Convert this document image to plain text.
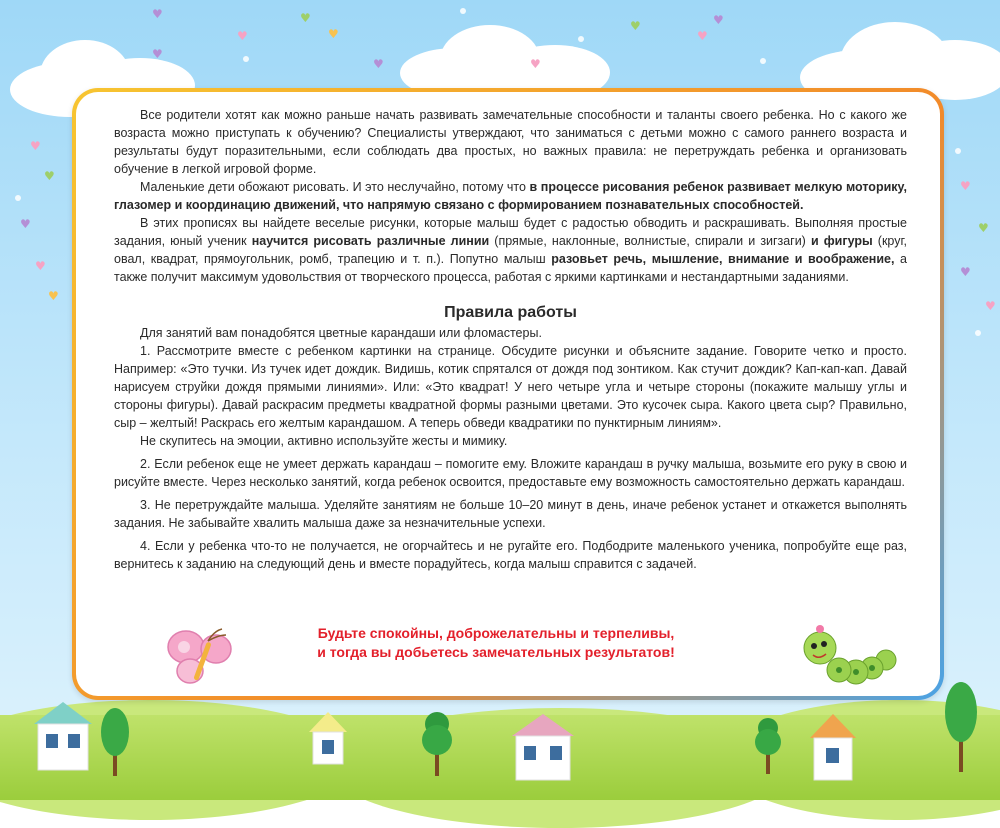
♥
♥
♥
♥
♥
♥
♥
♥
♥
♥
♥
♥
♥
♥
♥
♥
♥
♥
♥

Все родители хотят как можно раньше начать развивать замечательные способности и таланты своего ребенка. Но с какого же возраста можно приступать к обучению? Специалисты утверждают, что заниматься с детьми можно с самого раннего возраста и результаты будут поразительными, если соблюдать два простых, но важных правила: не перетруждать ребенка и организовать обучение в легкой игровой форме.

Маленькие дети обожают рисовать. И это неслучайно, потому что в процессе рисования ребенок развивает мелкую моторику, глазомер и координацию движений, что напрямую связано с формированием познавательных способностей.

В этих прописях вы найдете веселые рисунки, которые малыш будет с радостью обводить и раскрашивать. Выполняя простые задания, юный ученик научится рисовать различные линии (прямые, наклонные, волнистые, спирали и зигзаги) и фигуры (круг, овал, квадрат, прямоугольник, ромб, трапецию и т. п.). Попутно малыш разовьет речь, мышление, внимание и воображение, а также получит максимум удовольствия от творческого процесса, работая с яркими картинками и нестандартными заданиями.

Правила работы

Для занятий вам понадобятся цветные карандаши или фломастеры.

1. Рассмотрите вместе с ребенком картинки на странице. Обсудите рисунки и объясните задание. Говорите четко и просто. Например: «Это тучки. Из тучек идет дождик. Видишь, котик спрятался от дождя под зонтиком. Как стучит дождик? Кап-кап-кап. Давай нарисуем струйки дождя прямыми линиями». Или: «Это квадрат! У него четыре угла и четыре стороны (покажите малышу углы и стороны фигуры). Давай раскрасим предметы квадратной формы разными цветами. Это кусочек сыра. Какого цвета сыр? Правильно, сыр – желтый! Раскрась его желтым карандашом. А теперь обведи квадратики по пунктирным линиям».

Не скупитесь на эмоции, активно используйте жесты и мимику.

2. Если ребенок еще не умеет держать карандаш – помогите ему. Вложите карандаш в ручку малыша, возьмите его руку в свою и рисуйте вместе. Через несколько занятий, когда ребенок освоится, предоставьте ему возможность самостоятельно держать карандаш.

3. Не перетруждайте малыша. Уделяйте занятиям не больше 10–20 минут в день, иначе ребенок устанет и откажется выполнять задания. Не забывайте хвалить малыша даже за незначительные успехи.

4. Если у ребенка что-то не получается, не огорчайтесь и не ругайте его. Подбодрите маленького ученика, попробуйте еще раз, вернитесь к заданию на следующий день и вместе порадуйтесь, когда малыш справится с задачей.

Будьте спокойны, доброжелательны и терпеливы,
и тогда вы добьетесь замечательных результатов!
